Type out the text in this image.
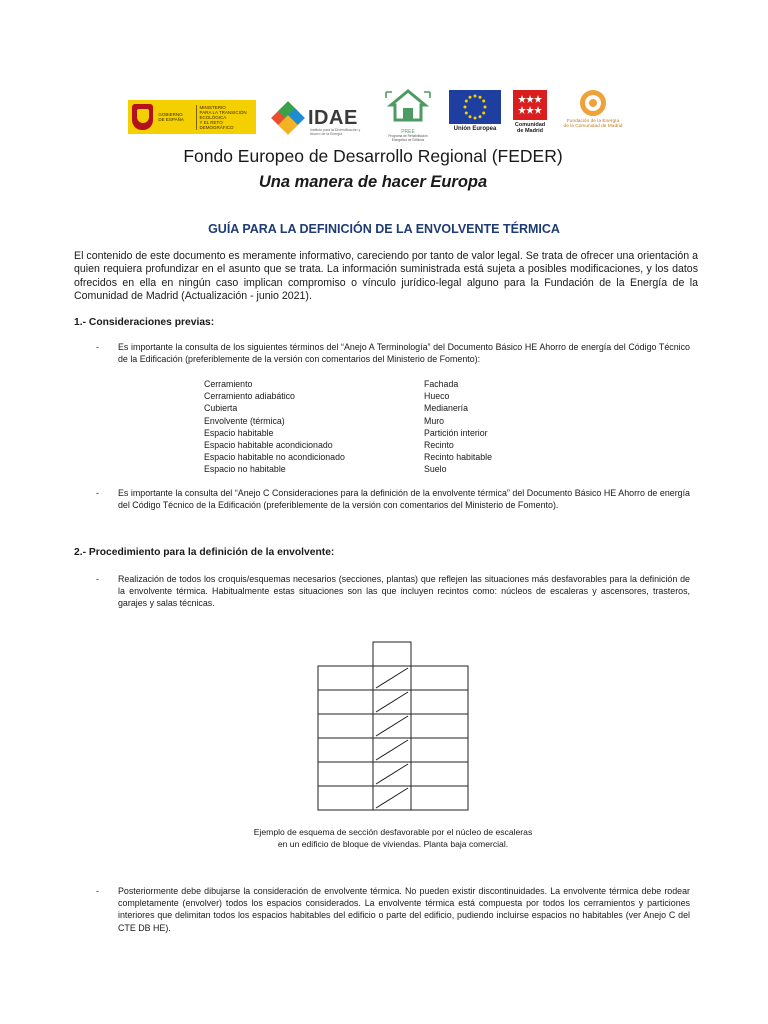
GOBIERNO
DE ESPAÑA
MINISTERIO
PARA LA TRANSICIÓN ECOLÓGICA
Y EL RETO DEMOGRÁFICO	IDAE
Instituto para la Diversificación y Ahorro de la Energía	PREE
Programa de Rehabilitación Energética de Edificios
Unión Europea
Comunidad
de Madrid
Fundación de la Energía
de la Comunidad de Madrid
Fondo Europeo de Desarrollo Regional (FEDER)
Una manera de hacer Europa
GUÍA PARA LA DEFINICIÓN DE LA ENVOLVENTE TÉRMICA
El contenido de este documento es meramente informativo, careciendo por tanto de valor legal. Se trata de ofrecer una orientación a quien requiera profundizar en el asunto que se trata. La información suministrada está sujeta a posibles modificaciones, y los datos ofrecidos en ella en ningún caso implican compromiso o vínculo jurídico-legal alguno para la Fundación de la Energía de la Comunidad de Madrid (Actualización - junio 2021).
1.- Consideraciones previas:
- Es importante la consulta de los siguientes términos del “Anejo A Terminología” del Documento Básico HE Ahorro de energía del Código Técnico de la Edificación (preferiblemente de la versión con comentarios del Ministerio de Fomento):
Cerramiento
Cerramiento adiabático
Cubierta
Envolvente (térmica)
Espacio habitable
Espacio habitable acondicionado
Espacio habitable no acondicionado
Espacio no habitable
Fachada
Hueco
Medianería
Muro
Partición interior
Recinto
Recinto habitable
Suelo
- Es importante la consulta del “Anejo C Consideraciones para la definición de la envolvente térmica” del Documento Básico HE Ahorro de energía del Código Técnico de la Edificación (preferiblemente de la versión con comentarios del Ministerio de Fomento).
2.- Procedimiento para la definición de la envolvente:
- Realización de todos los croquis/esquemas necesarios (secciones, plantas) que reflejen las situaciones más desfavorables para la definición de la envolvente térmica. Habitualmente estas situaciones son las que incluyen recintos como: núcleos de escaleras y ascensores, trasteros, garajes y salas técnicas.
Ejemplo de esquema de sección desfavorable por el núcleo de escaleras
en un edificio de bloque de viviendas. Planta baja comercial.
- Posteriormente debe dibujarse la consideración de envolvente térmica. No pueden existir discontinuidades. La envolvente térmica debe rodear completamente (envolver) todos los espacios considerados. La envolvente térmica está compuesta por todos los cerramientos y particiones interiores que delimitan todos los espacios habitables del edificio o parte del edificio, pudiendo incluirse espacios no habitables (ver Anejo C del CTE DB HE).
